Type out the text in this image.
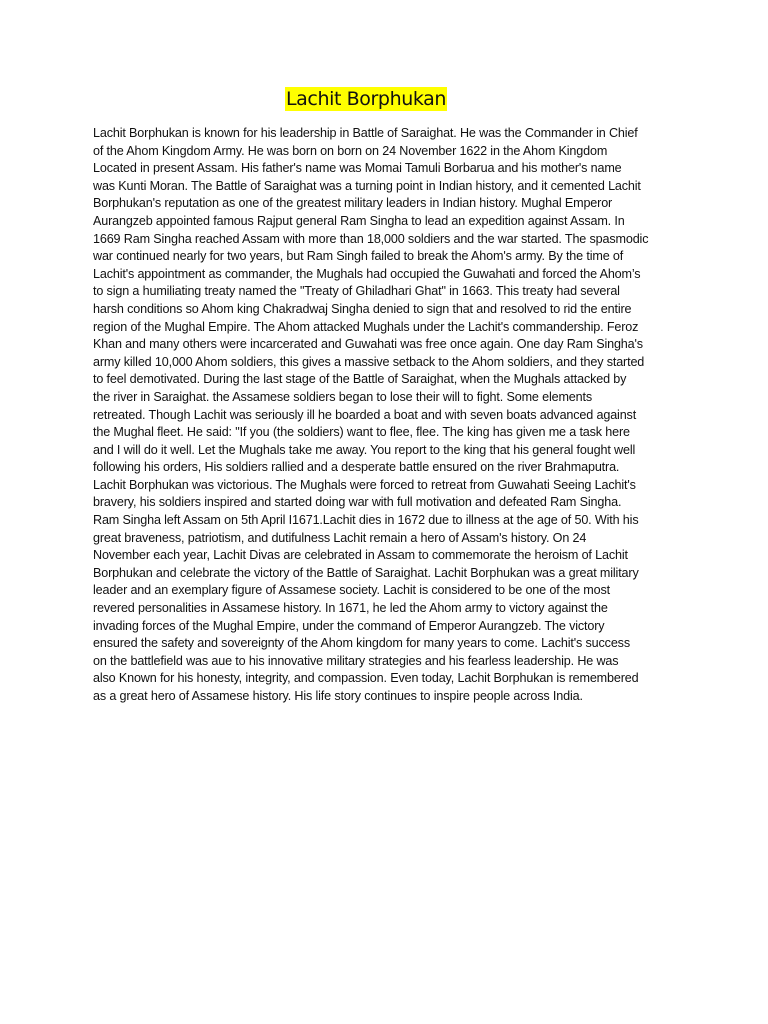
Lachit Borphukan
Lachit Borphukan is known for his leadership in Battle of Saraighat. He was the Commander in Chief
of the Ahom Kingdom Army. He was born on born on 24 November 1622 in the Ahom Kingdom
Located in present Assam. His father's name was Momai Tamuli Borbarua and his mother's name
was Kunti Moran. The Battle of Saraighat was a turning point in Indian history, and it cemented Lachit
Borphukan's reputation as one of the greatest military leaders in Indian history. Mughal Emperor
Aurangzeb appointed famous Rajput general Ram Singha to lead an expedition against Assam. In
1669 Ram Singha reached Assam with more than 18,000 soldiers and the war started. The spasmodic
war continued nearly for two years, but Ram Singh failed to break the Ahom's army. By the time of
Lachit's appointment as commander, the Mughals had occupied the Guwahati and forced the Ahom’s
to sign a humiliating treaty named the "Treaty of Ghiladhari Ghat" in 1663. This treaty had several
harsh conditions so Ahom king Chakradwaj Singha denied to sign that and resolved to rid the entire
region of the Mughal Empire. The Ahom attacked Mughals under the Lachit's commandership. Feroz
Khan and many others were incarcerated and Guwahati was free once again. One day Ram Singha's
army killed 10,000 Ahom soldiers, this gives a massive setback to the Ahom soldiers, and they started
to feel demotivated. During the last stage of the Battle of Saraighat, when the Mughals attacked by
the river in Saraighat. the Assamese soldiers began to lose their will to fight. Some elements
retreated. Though Lachit was seriously ill he boarded a boat and with seven boats advanced against
the Mughal fleet. He said: "If you (the soldiers) want to flee, flee. The king has given me a task here
and I will do it well. Let the Mughals take me away. You report to the king that his general fought well
following his orders, His soldiers rallied and a desperate battle ensured on the river Brahmaputra.
Lachit Borphukan was victorious. The Mughals were forced to retreat from Guwahati Seeing Lachit's
bravery, his soldiers inspired and started doing war with full motivation and defeated Ram Singha.
Ram Singha left Assam on 5th April I1671.Lachit dies in 1672 due to illness at the age of 50. With his
great braveness, patriotism, and dutifulness Lachit remain a hero of Assam's history. On 24
November each year, Lachit Divas are celebrated in Assam to commemorate the heroism of Lachit
Borphukan and celebrate the victory of the Battle of Saraighat. Lachit Borphukan was a great military
leader and an exemplary figure of Assamese society. Lachit is considered to be one of the most
revered personalities in Assamese history. In 1671, he led the Ahom army to victory against the
invading forces of the Mughal Empire, under the command of Emperor Aurangzeb. The victory
ensured the safety and sovereignty of the Ahom kingdom for many years to come. Lachit's success
on the battlefield was aue to his innovative military strategies and his fearless leadership. He was
also Known for his honesty, integrity, and compassion. Even today, Lachit Borphukan is remembered
as a great hero of Assamese history. His life story continues to inspire people across India.
